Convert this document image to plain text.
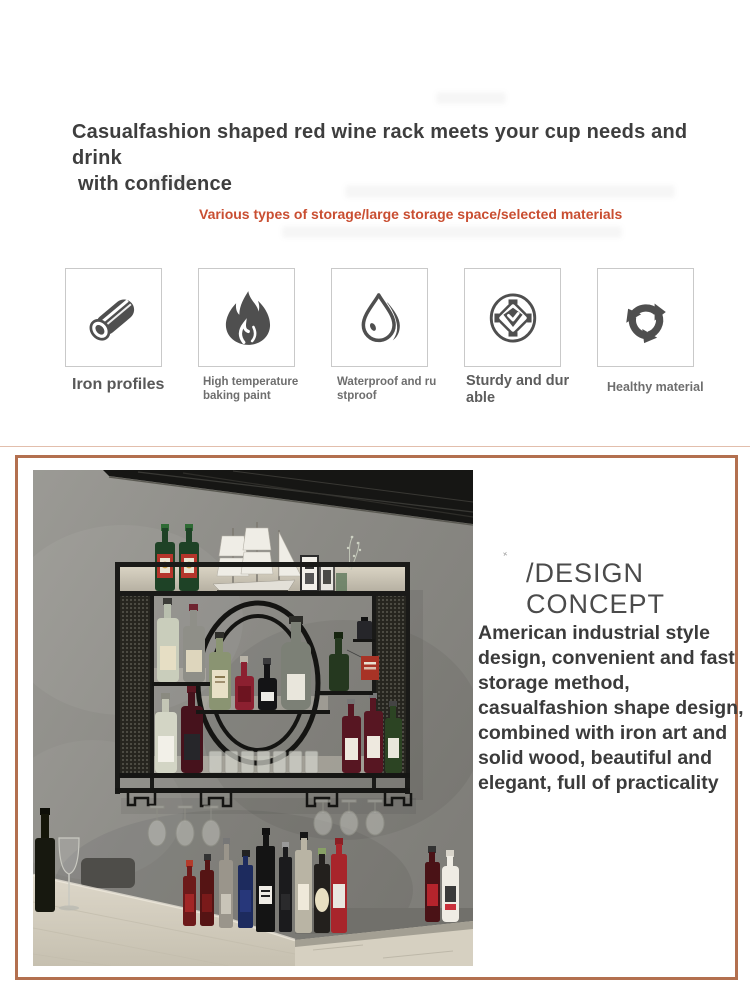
Casualfashion shaped red wine rack meets your cup needs and drink
with confidence
Various types of storage/large storage space/selected materials
Iron profiles	High temperature
baking paint
Waterproof and ru
stproof
Sturdy and dur
able
Healthy material
˟
/DESIGN CONCEPT
American industrial style design, convenient and fast storage method, casualfashion shape design, combined with iron art and solid wood, beautiful and elegant, full of practicality
